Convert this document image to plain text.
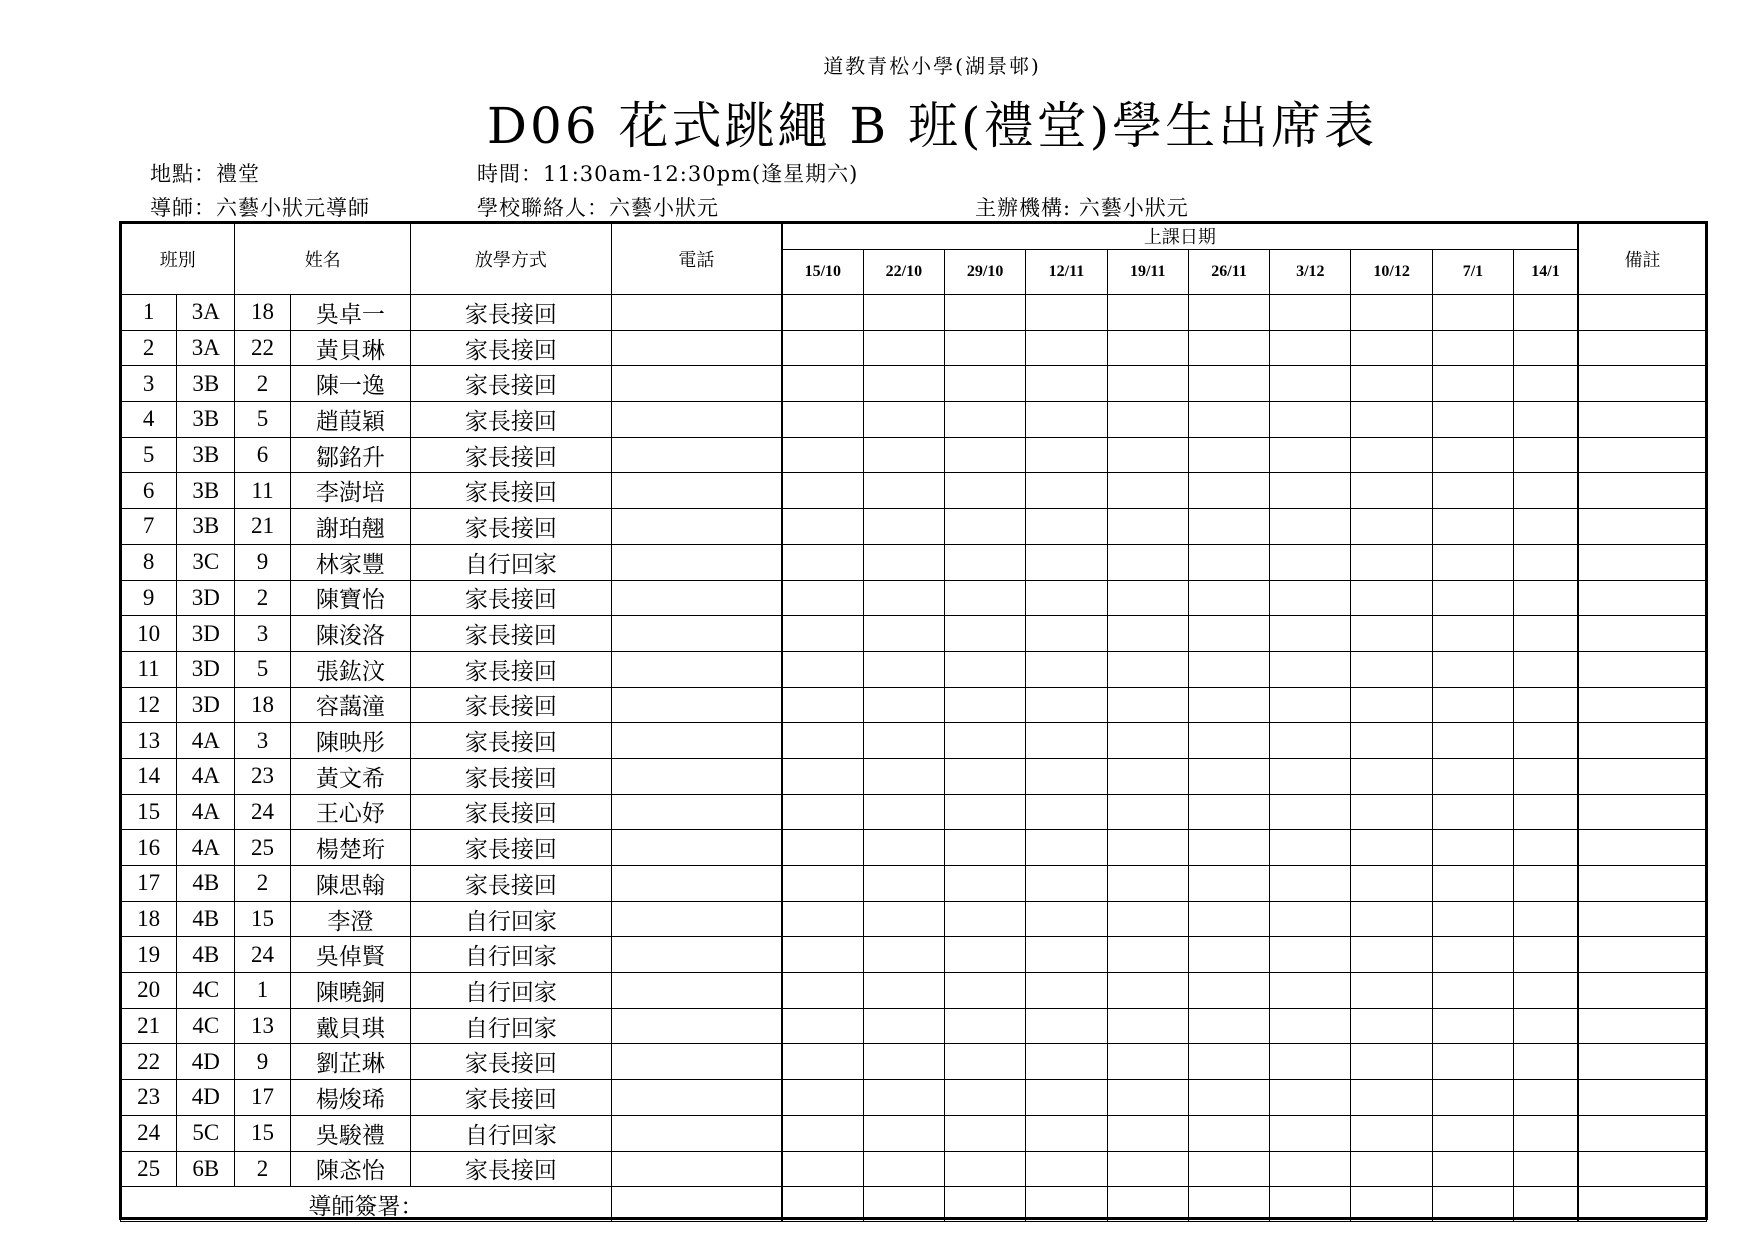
道教青松小學(湖景邨)
D06 花式跳繩 B 班(禮堂)學生出席表
地點：禮堂	時間：11:30am-12:30pm(逢星期六)
導師：六藝小狀元導師	學校聯絡人：六藝小狀元	主辦機構: 六藝小狀元
班別		姓名		放學方式	電話	上課日期										備註
						15/10	22/10	29/10	12/11	19/11	26/11	3/12	10/12	7/1	14/1	
1	3A	18	吳卓一	家長接回												
2	3A	22	黃貝琳	家長接回												
3	3B	2	陳一逸	家長接回												
4	3B	5	趙葭穎	家長接回												
5	3B	6	鄒銘升	家長接回												
6	3B	11	李澍培	家長接回												
7	3B	21	謝珀翹	家長接回												
8	3C	9	林家豐	自行回家												
9	3D	2	陳寶怡	家長接回												
10	3D	3	陳浚洛	家長接回												
11	3D	5	張鈜汶	家長接回												
12	3D	18	容藹潼	家長接回												
13	4A	3	陳映彤	家長接回												
14	4A	23	黃文希	家長接回												
15	4A	24	王心妤	家長接回												
16	4A	25	楊楚珩	家長接回												
17	4B	2	陳思翰	家長接回												
18	4B	15	李澄	自行回家												
19	4B	24	吳倬賢	自行回家												
20	4C	1	陳曉銅	自行回家												
21	4C	13	戴貝琪	自行回家												
22	4D	9	劉芷琳	家長接回												
23	4D	17	楊焌琋	家長接回												
24	5C	15	吳駿禮	自行回家												
25	6B	2	陳忞怡	家長接回												
導師簽署：																
